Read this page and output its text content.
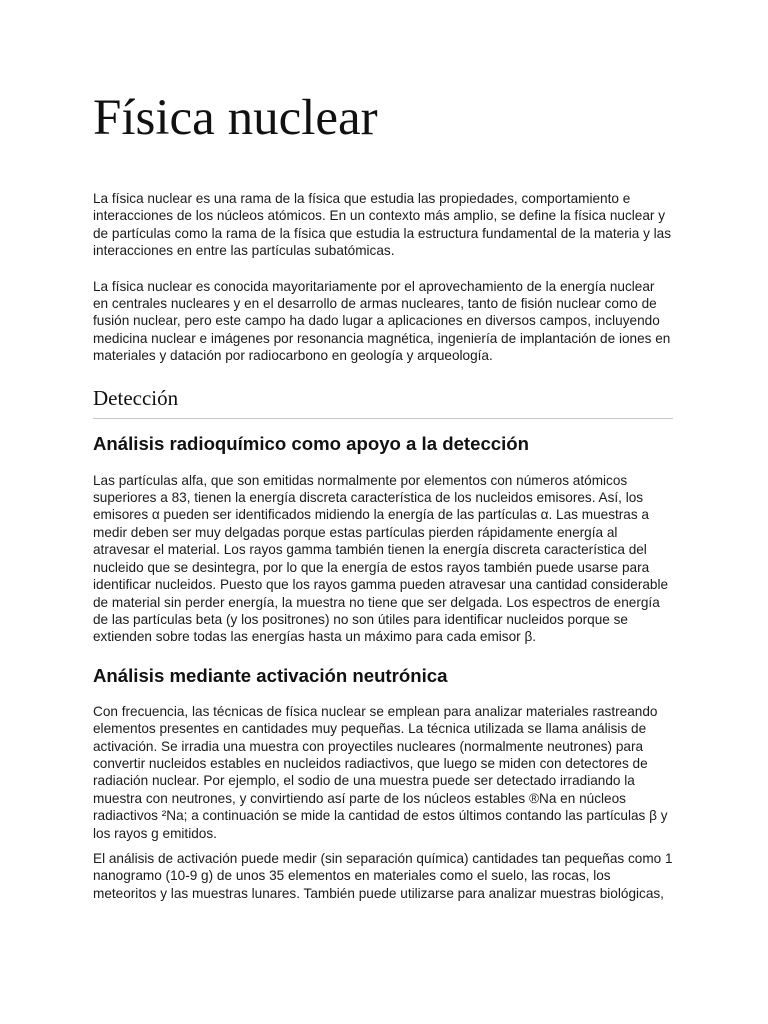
Física nuclear

La física nuclear es una rama de la física que estudia las propiedades, comportamiento e interacciones de los núcleos atómicos. En un contexto más amplio, se define la física nuclear y de partículas como la rama de la física que estudia la estructura fundamental de la materia y las interacciones en entre las partículas subatómicas.

La física nuclear es conocida mayoritariamente por el aprovechamiento de la energía nuclear en centrales nucleares y en el desarrollo de armas nucleares, tanto de fisión nuclear como de fusión nuclear, pero este campo ha dado lugar a aplicaciones en diversos campos, incluyendo medicina nuclear e imágenes por resonancia magnética, ingeniería de implantación de iones en materiales y datación por radiocarbono en geología y arqueología.

Detección
Análisis radioquímico como apoyo a la detección

Las partículas alfa, que son emitidas normalmente por elementos con números atómicos superiores a 83, tienen la energía discreta característica de los nucleidos emisores. Así, los emisores α pueden ser identificados midiendo la energía de las partículas α. Las muestras a medir deben ser muy delgadas porque estas partículas pierden rápidamente energía al atravesar el material. Los rayos gamma también tienen la energía discreta característica del nucleido que se desintegra, por lo que la energía de estos rayos también puede usarse para identificar nucleidos. Puesto que los rayos gamma pueden atravesar una cantidad considerable de material sin perder energía, la muestra no tiene que ser delgada. Los espectros de energía de las partículas beta (y los positrones) no son útiles para identificar nucleidos porque se extienden sobre todas las energías hasta un máximo para cada emisor β.

Análisis mediante activación neutrónica

Con frecuencia, las técnicas de física nuclear se emplean para analizar materiales rastreando elementos presentes en cantidades muy pequeñas. La técnica utilizada se llama análisis de activación. Se irradia una muestra con proyectiles nucleares (normalmente neutrones) para convertir nucleidos estables en nucleidos radiactivos, que luego se miden con detectores de radiación nuclear. Por ejemplo, el sodio de una muestra puede ser detectado irradiando la muestra con neutrones, y convirtiendo así parte de los núcleos estables ®Na en núcleos radiactivos ²Na; a continuación se mide la cantidad de estos últimos contando las partículas β y los rayos g emitidos.

El análisis de activación puede medir (sin separación química) cantidades tan pequeñas como 1 nanogramo (10-9 g) de unos 35 elementos en materiales como el suelo, las rocas, los meteoritos y las muestras lunares. También puede utilizarse para analizar muestras biológicas,
